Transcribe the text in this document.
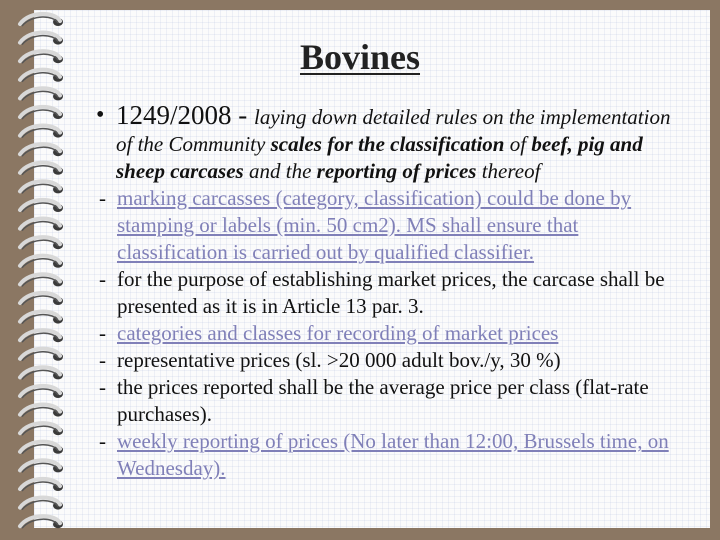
Bovines
• 1249/2008 - laying down detailed rules on the implementation of the Community scales for the classification of beef, pig and sheep carcases and the reporting of prices thereof
- marking carcasses (category, classification) could be done by stamping or labels (min. 50 cm2). MS shall ensure that classification is carried out by qualified classifier.
- for the purpose of establishing market prices, the carcase shall be presented as it is in Article 13 par. 3.
- categories and classes for recording of market prices
- representative prices (sl. >20 000 adult bov./y, 30 %)
- the prices reported shall be the average price per class (flat-rate purchases).
- weekly reporting of prices (No later than 12:00, Brussels time, on Wednesday).
